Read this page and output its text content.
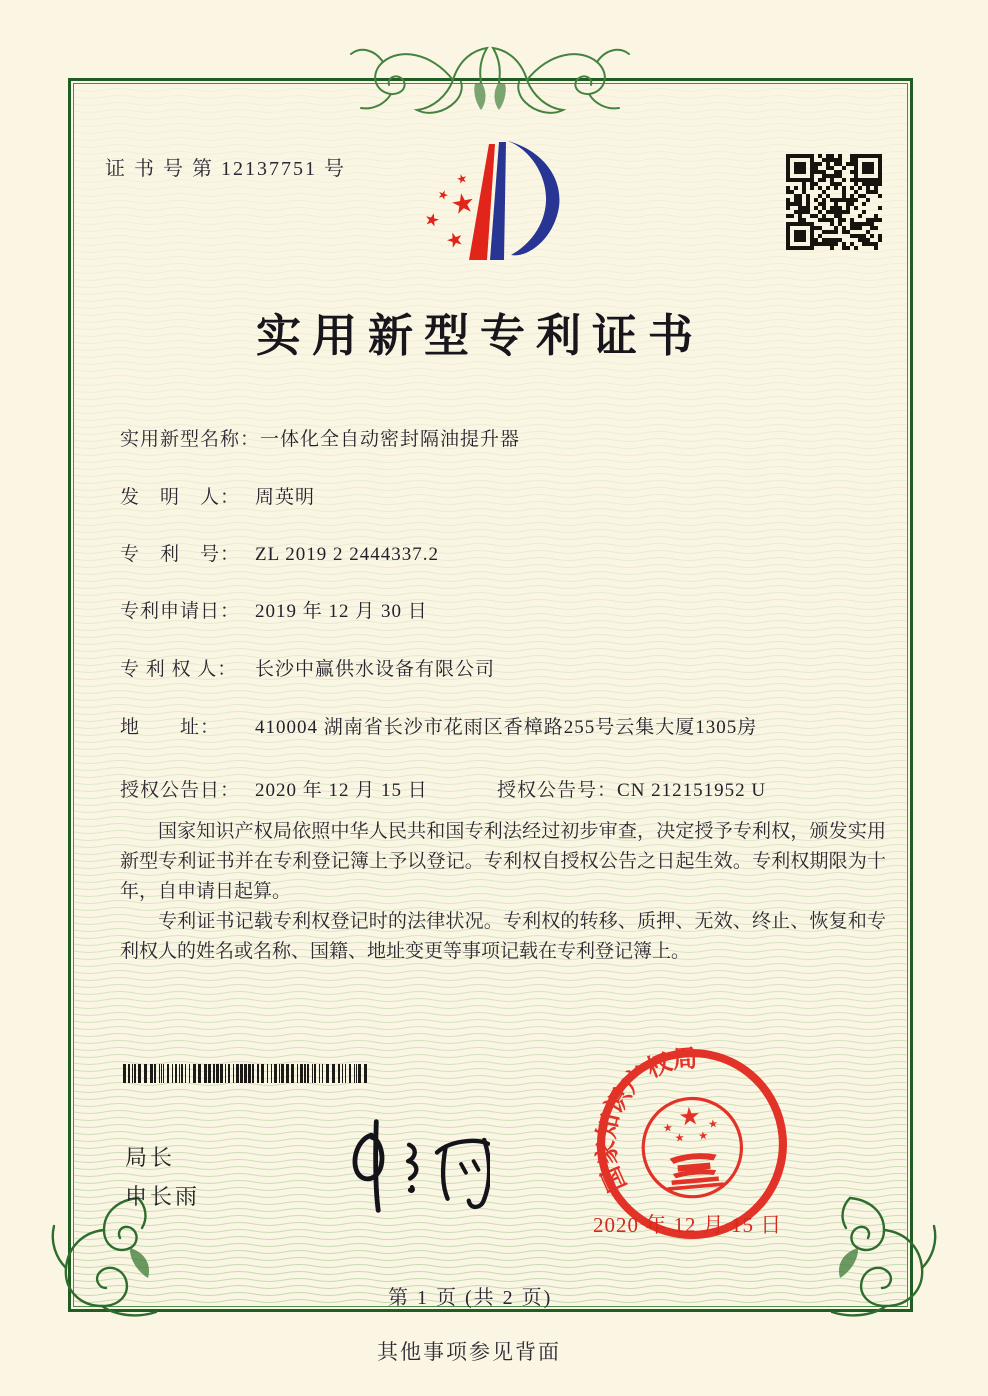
证 书 号 第 12137751 号
实用新型专利证书
实用新型名称：一体化全自动密封隔油提升器
发　明　人： 周英明
专　利　号： ZL 2019 2 2444337.2
专利申请日： 2019 年 12 月 30 日
专 利 权 人： 长沙中赢供水设备有限公司
地　　址： 410004 湖南省长沙市花雨区香樟路255号云集大厦1305房
授权公告日： 2020 年 12 月 15 日	授权公告号：CN 212151952 U

国家知识产权局依照中华人民共和国专利法经过初步审查，决定授予专利权，颁发实用新型专利证书并在专利登记簿上予以登记。专利权自授权公告之日起生效。专利权期限为十年，自申请日起算。

专利证书记载专利权登记时的法律状况。专利权的转移、质押、无效、终止、恢复和专利权人的姓名或名称、国籍、地址变更等事项记载在专利登记簿上。

局长
申长雨
国家知识产权局
2020 年 12 月 15 日
第 1 页 (共 2 页)
其他事项参见背面
